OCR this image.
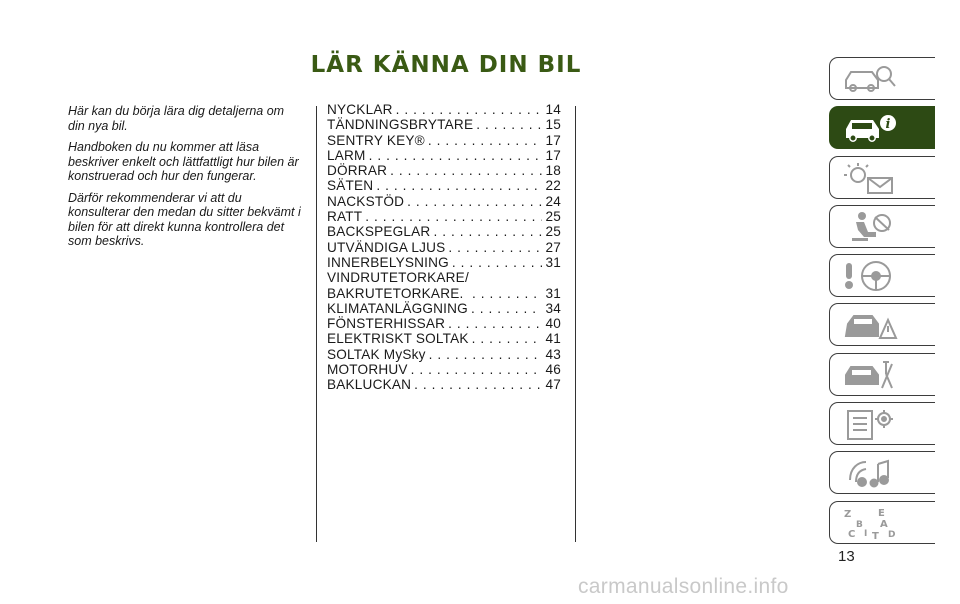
LÄR KÄNNA DIN BIL

Här kan du börja lära dig detaljerna om din nya bil.

Handboken du nu kommer att läsa beskriver enkelt och lättfattligt hur bilen är konstruerad och hur den fungerar.

Därför rekommenderar vi att du konsulterar den medan du sitter bekvämt i bilen för att direkt kunna kontrollera det som beskrivs.

NYCKLAR . . .	14
TÄNDNINGSBRYTARE . . .	15
SENTRY KEY® . . .	17
LARM . . .	17
DÖRRAR . . .	18
SÄTEN . . .	22
NACKSTÖD . . .	24
RATT . . .	25
BACKSPEGLAR . . .	25
UTVÄNDIGA LJUS . . .	27
INNERBELYSNING . . .	31
VINDRUTETORKARE/
BAKRUTETORKARE. . . .	31
KLIMATANLÄGGNING . . .	34
FÖNSTERHISSAR . . .	40
ELEKTRISKT SOLTAK . . .	41
SOLTAK MySky . . .	43
MOTORHUV . . .	46
BAKLUCKAN . . .	47
i
Z	E
B A
C I T D
13
carmanualsonline.info
